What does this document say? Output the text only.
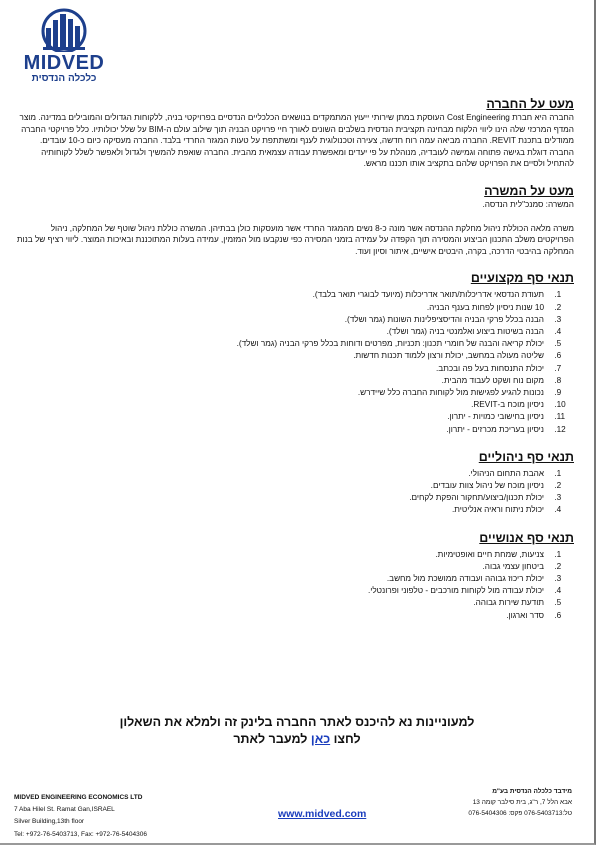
MIDVED
כלכלה הנדסית
מעט על החברה
החברה היא חברת Cost Engineering העוסקת במתן שירותי ייעוץ המתמקדים בנושאים הכלכליים הנדסיים בפרויקטי בניה, ללקוחות הגדולים והמובילים במדינה. מוצר המדף המרכזי שלה הינו ליווי הלקוח מבחינה תקציבית הנדסית בשלבים השונים לאורך חיי פרויקט הבניה תוך שילוב עולם ה-BIM על שלל יכולותיו. כלל פרויקטי החברה ממודלים בתכנת REVIT. החברה מביאה עמה רוח חדשה, צעירה וטכנולוגית לענף ומשתתפת על טעות המגזר החרדי בלבד. החברה מעסיקה כיום כ-10 עובדים. החברה דוגלת בגישה פתוחה וגמישה לעובדיה, מנוהלת על פי יעדים ומאפשרת עבודה עצמאית מהבית. החברה שואפת להמשיך ולגדול ולאפשר לשלל לקוחותיה להתחיל ולסיים את הפרויקט שלהם בתקציב אותו תכננו מראש.
מעט על המשרה
המשרה: סמנכ"לית הנדסה.
משרה מלאה הכוללת ניהול מחלקת ההנדסה אשר מונה כ-8 נשים מהמגזר החרדי אשר מועסקות כולן בבתיהן. המשרה כוללת ניהול שוטף של המחלקה, ניהול הפרויקטים משלב התכנון הביצוע והמסירה תוך הקפדה על עמידה בזמני המסירה כפי שנקבעו מול המזמין, עמידה בעלות המתוכננת ובאיכות המוצר. ליווי רציף של בנות המחלקה בהיבטי הדרכה, בקרה, היבטים אישיים, איתור וסיון ועוד.
תנאי סף מקצועיים
1. תעודת הנדסאי אדריכלות/תואר אדריכלות (מיועד לבוגרי תואר בלבד).
2. 10 שנות ניסיון לפחות בענף הבניה.
3. הבנה בכלל פרקי הבניה והדיסציפלינות השונות (גמר ושלד).
4. הבנה בשיטות ביצוע ואלמנטי בניה (גמר ושלד).
5. יכולת קריאה והבנה של חומרי תכנון: תכניות, מפרטים ודוחות בכלל פרקי הבניה (גמר ושלד).
6. שליטה מעולה במחשב, יכולת ורצון ללמוד תכנות חדשות.
7. יכולת התנסחות בעל פה ובכתב.
8. מקום נוח ושקט לעבוד מהבית.
9. נכונות להגיע לפגישות מול לקוחות החברה כלל שיידרש.
10. ניסיון מוכח ב-REVIT.
11. ניסיון בחישובי כמויות - יתרון.
12. ניסיון בעריכת מכרזים - יתרון.
תנאי סף ניהוליים
1. אהבת התחום הניהולי.
2. ניסיון מוכח של ניהול צוות עובדים.
3. יכולת תכנון/ביצוע/תחקור והפקת לקחים.
4. יכולת ניתוח וראיה אנליטית.
תנאי סף אנושיים
1. צניעות, שמחת חיים ואופטימיות.
2. ביטחון עצמי גבוה.
3. יכולת ריכוז גבוהה ועבודה ממושכת מול מחשב.
4. יכולת עבודה מול לקוחות מורכבים - טלפוני ופרונטלי.
5. תודעת שירות גבוהה.
6. סדר וארגון.
למעוניינות נא להיכנס לאתר החברה בלינק זה ולמלא את השאלון
לחצו כאן למעבר לאתר
MIDVED ENGINEERING ECONOMICS LTD
7 Aba Hilel St. Ramat Gan,ISRAEL
Silver Building,13th floor
Tel: +972-76-5403713, Fax: +972-76-5404306
www.midved.com
מידבד כלכלה הנדסית בע"מ
אבא הלל 7, ר"ג, בית סילבר קומה 13
טל:076-5403713 פקס: 076-5404306
